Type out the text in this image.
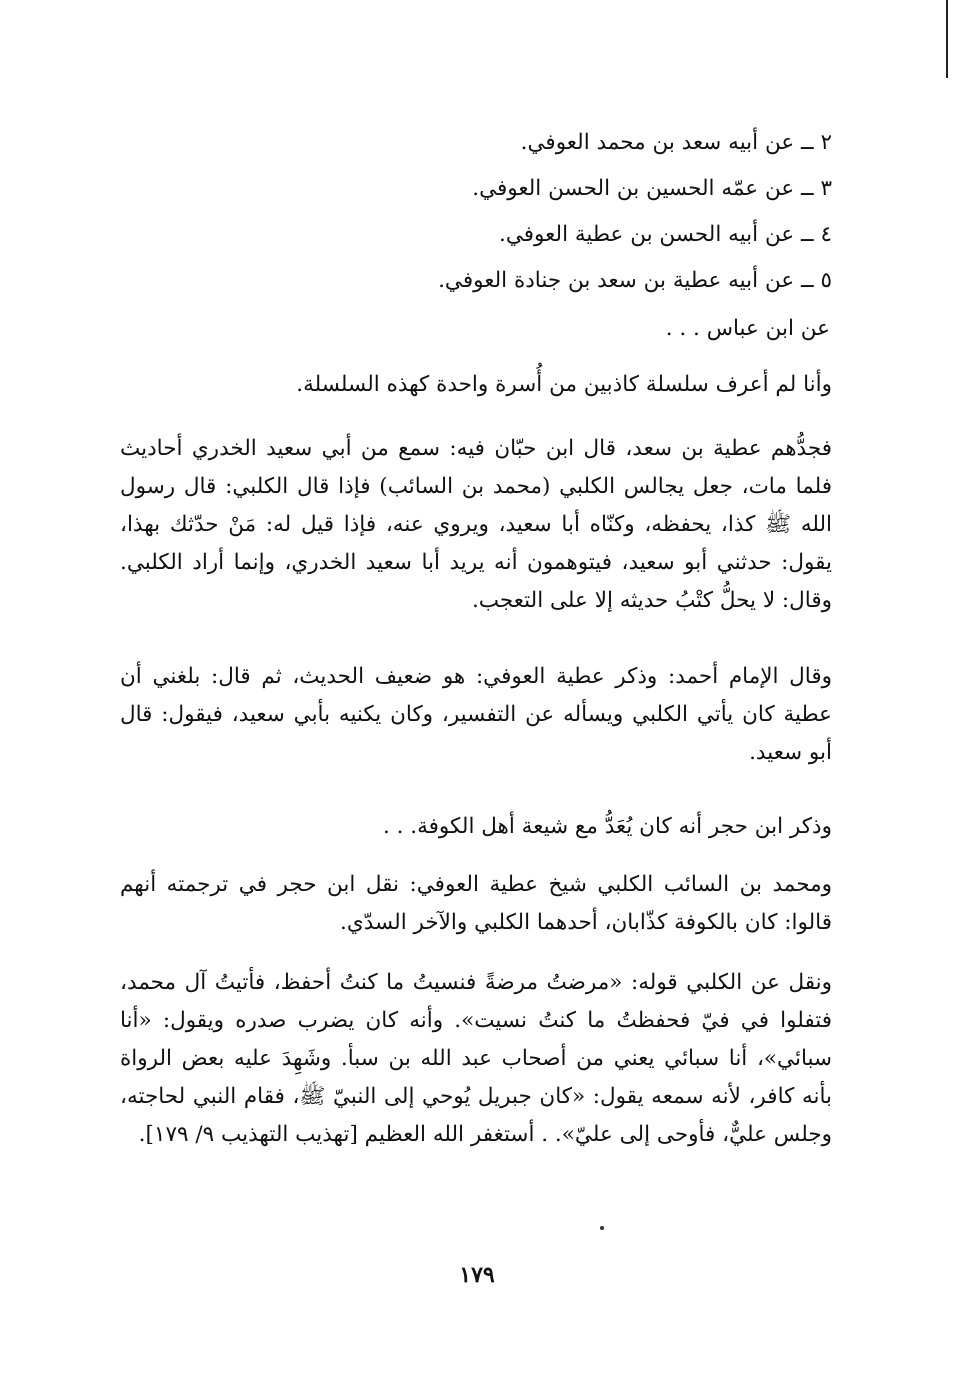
٢ ــ عن أبيه سعد بن محمد العوفي.
٣ ــ عن عمّه الحسين بن الحسن العوفي.
٤ ــ عن أبيه الحسن بن عطية العوفي.
٥ ــ عن أبيه عطية بن سعد بن جنادة العوفي.
عن ابن عباس . . .
وأنا لم أعرف سلسلة كاذبين من أُسرة واحدة كهذه السلسلة.
فجدُّهم عطية بن سعد، قال ابن حبّان فيه: سمع من أبي سعيد الخدري أحاديث فلما مات، جعل يجالس الكلبي (محمد بن السائب) فإذا قال الكلبي: قال رسول الله ﷺ كذا، يحفظه، وكنّاه أبا سعيد، ويروي عنه، فإذا قيل له: مَنْ حدّثك بهذا، يقول: حدثني أبو سعيد، فيتوهمون أنه يريد أبا سعيد الخدري، وإنما أراد الكلبي. وقال: لا يحلُّ كتْبُ حديثه إلا على التعجب.
وقال الإمام أحمد: وذكر عطية العوفي: هو ضعيف الحديث، ثم قال: بلغني أن عطية كان يأتي الكلبي ويسأله عن التفسير، وكان يكنيه بأبي سعيد، فيقول: قال أبو سعيد.
وذكر ابن حجر أنه كان يُعَدُّ مع شيعة أهل الكوفة. . .
ومحمد بن السائب الكلبي شيخ عطية العوفي: نقل ابن حجر في ترجمته أنهم قالوا: كان بالكوفة كذّابان، أحدهما الكلبي والآخر السدّي.
ونقل عن الكلبي قوله: «مرضتُ مرضةً فنسيتُ ما كنتُ أحفظ، فأتيتُ آل محمد، فتفلوا في فيّ فحفظتُ ما كنتُ نسيت». وأنه كان يضرب صدره ويقول: «أنا سبائي»، أنا سبائي يعني من أصحاب عبد الله بن سبأ. وشَهِدَ عليه بعض الرواة بأنه كافر، لأنه سمعه يقول: «كان جبريل يُوحي إلى النبيّ ﷺ، فقام النبي لحاجته، وجلس عليٌّ، فأوحى إلى عليّ». . أستغفر الله العظيم [تهذيب التهذيب ٩/ ١٧٩].
١٧٩
